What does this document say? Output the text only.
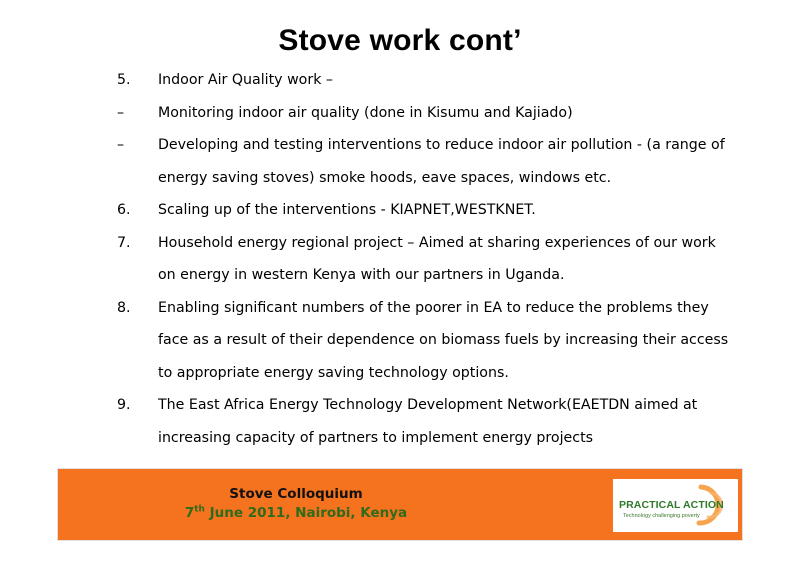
Stove work cont’
5.	Indoor Air Quality work –
–	Monitoring indoor air quality (done in Kisumu and Kajiado)
–	Developing and testing interventions to reduce indoor air pollution - (a range of
energy saving stoves) smoke hoods, eave spaces, windows etc.
6.	Scaling up of the interventions - KIAPNET,WESTKNET.
7.	Household energy regional project – Aimed at sharing experiences of our work
on energy in western Kenya with our partners in Uganda.
8.	Enabling significant numbers of the poorer in EA to reduce the problems they
face as a result of their dependence on biomass fuels by increasing their access
to appropriate energy saving technology options.
9.	The East Africa Energy Technology Development Network(EAETDN aimed at
increasing capacity of partners to implement energy projects
Stove Colloquium
7th June 2011, Nairobi, Kenya	PRACTICAL ACTION
Technology challenging poverty
